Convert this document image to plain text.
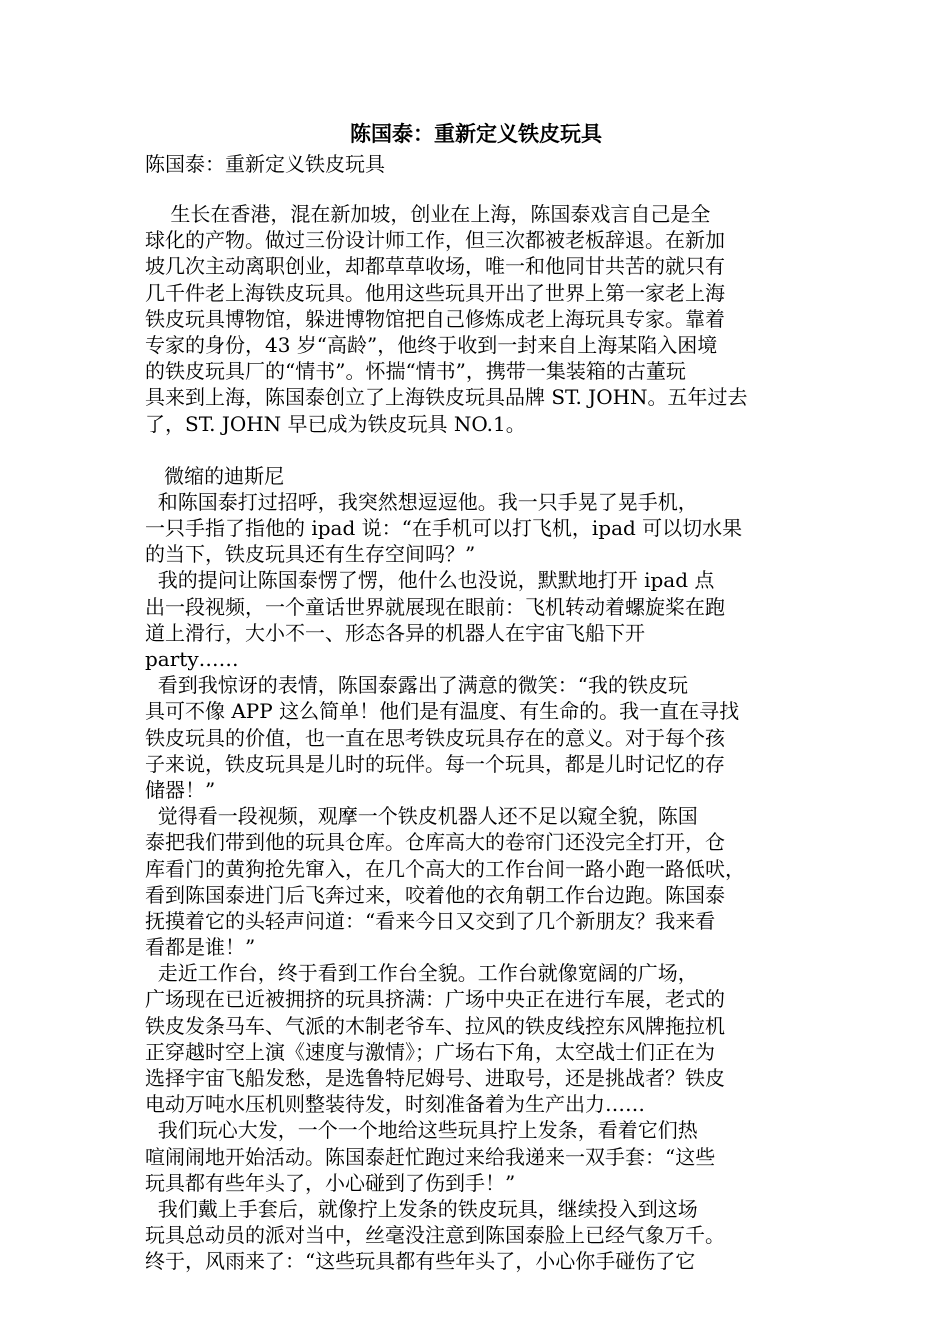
陈国泰：重新定义铁皮玩具

陈国泰：重新定义铁皮玩具

生长在香港，混在新加坡，创业在上海，陈国泰戏言自己是全
球化的产物。做过三份设计师工作，但三次都被老板辞退。在新加
坡几次主动离职创业，却都草草收场，唯一和他同甘共苦的就只有
几千件老上海铁皮玩具。他用这些玩具开出了世界上第一家老上海
铁皮玩具博物馆，躲进博物馆把自己修炼成老上海玩具专家。靠着
专家的身份，43 岁“高龄”，他终于收到一封来自上海某陷入困境
的铁皮玩具厂的“情书”。怀揣“情书”，携带一集装箱的古董玩
具来到上海，陈国泰创立了上海铁皮玩具品牌 ST. JOHN。五年过去
了，ST. JOHN 早已成为铁皮玩具 NO.1。

微缩的迪斯尼

和陈国泰打过招呼，我突然想逗逗他。我一只手晃了晃手机，
一只手指了指他的 ipad 说：“在手机可以打飞机，ipad 可以切水果
的当下，铁皮玩具还有生存空间吗？”
我的提问让陈国泰愣了愣，他什么也没说，默默地打开 ipad 点
出一段视频，一个童话世界就展现在眼前：飞机转动着螺旋桨在跑
道上滑行，大小不一、形态各异的机器人在宇宙飞船下开
party……
看到我惊讶的表情，陈国泰露出了满意的微笑：“我的铁皮玩
具可不像 APP 这么简单！他们是有温度、有生命的。我一直在寻找
铁皮玩具的价值，也一直在思考铁皮玩具存在的意义。对于每个孩
子来说，铁皮玩具是儿时的玩伴。每一个玩具，都是儿时记忆的存
储器！”
觉得看一段视频，观摩一个铁皮机器人还不足以窥全貌，陈国
泰把我们带到他的玩具仓库。仓库高大的卷帘门还没完全打开，仓
库看门的黄狗抢先窜入，在几个高大的工作台间一路小跑一路低吠，
看到陈国泰进门后飞奔过来，咬着他的衣角朝工作台边跑。陈国泰
抚摸着它的头轻声问道：“看来今日又交到了几个新朋友？我来看
看都是谁！”
走近工作台，终于看到工作台全貌。工作台就像宽阔的广场，
广场现在已近被拥挤的玩具挤满：广场中央正在进行车展，老式的
铁皮发条马车、气派的木制老爷车、拉风的铁皮线控东风牌拖拉机
正穿越时空上演《速度与激情》；广场右下角，太空战士们正在为
选择宇宙飞船发愁，是选鲁特尼姆号、进取号，还是挑战者？铁皮
电动万吨水压机则整装待发，时刻准备着为生产出力……
我们玩心大发，一个一个地给这些玩具拧上发条，看着它们热
喧闹闹地开始活动。陈国泰赶忙跑过来给我递来一双手套：“这些
玩具都有些年头了，小心碰到了伤到手！”
我们戴上手套后，就像拧上发条的铁皮玩具，继续投入到这场
玩具总动员的派对当中，丝毫没注意到陈国泰脸上已经气象万千。
终于，风雨来了：“这些玩具都有些年头了，小心你手碰伤了它
